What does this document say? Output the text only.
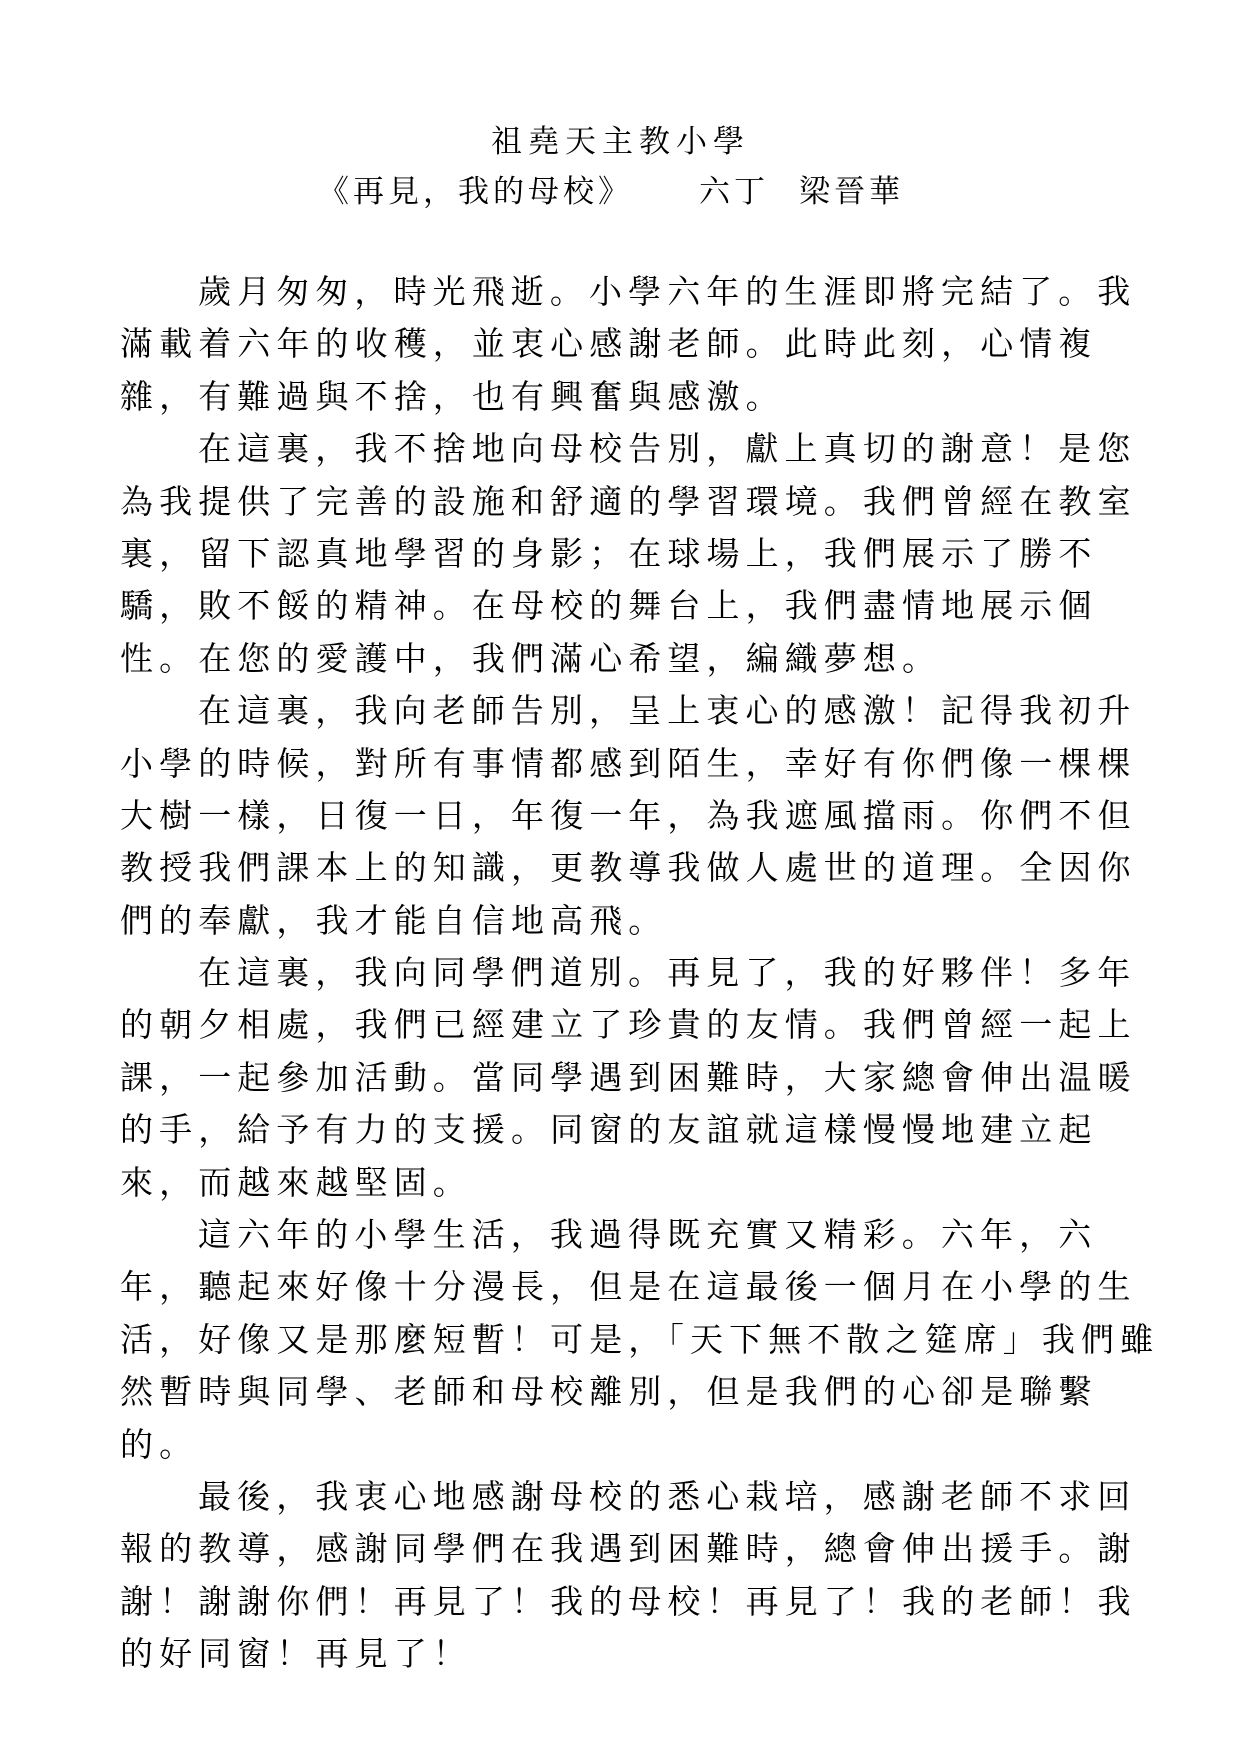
祖堯天主教小學
《再見，我的母校》 六丁 梁晉華
歲月匆匆，時光飛逝。小學六年的生涯即將完結了。我
滿載着六年的收穫，並衷心感謝老師。此時此刻，心情複
雜，有難過與不捨，也有興奮與感激。
在這裏，我不捨地向母校告別，獻上真切的謝意！是您
為我提供了完善的設施和舒適的學習環境。我們曾經在教室
裏，留下認真地學習的身影；在球場上，我們展示了勝不
驕，敗不餒的精神。在母校的舞台上，我們盡情地展示個
性。在您的愛護中，我們滿心希望，編織夢想。
在這裏，我向老師告別，呈上衷心的感激！記得我初升
小學的時候，對所有事情都感到陌生，幸好有你們像一棵棵
大樹一樣，日復一日，年復一年，為我遮風擋雨。你們不但
教授我們課本上的知識，更教導我做人處世的道理。全因你
們的奉獻，我才能自信地高飛。
在這裏，我向同學們道別。再見了，我的好夥伴！多年
的朝夕相處，我們已經建立了珍貴的友情。我們曾經一起上
課，一起參加活動。當同學遇到困難時，大家總會伸出温暖
的手，給予有力的支援。同窗的友誼就這樣慢慢地建立起
來，而越來越堅固。
這六年的小學生活，我過得既充實又精彩。六年，六
年，聽起來好像十分漫長，但是在這最後一個月在小學的生
活，好像又是那麼短暫！可是，「天下無不散之筵席」我們雖
然暫時與同學、老師和母校離別，但是我們的心卻是聯繫
的。
最後，我衷心地感謝母校的悉心栽培，感謝老師不求回
報的教導，感謝同學們在我遇到困難時，總會伸出援手。謝
謝！謝謝你們！再見了！我的母校！再見了！我的老師！我
的好同窗！再見了！
